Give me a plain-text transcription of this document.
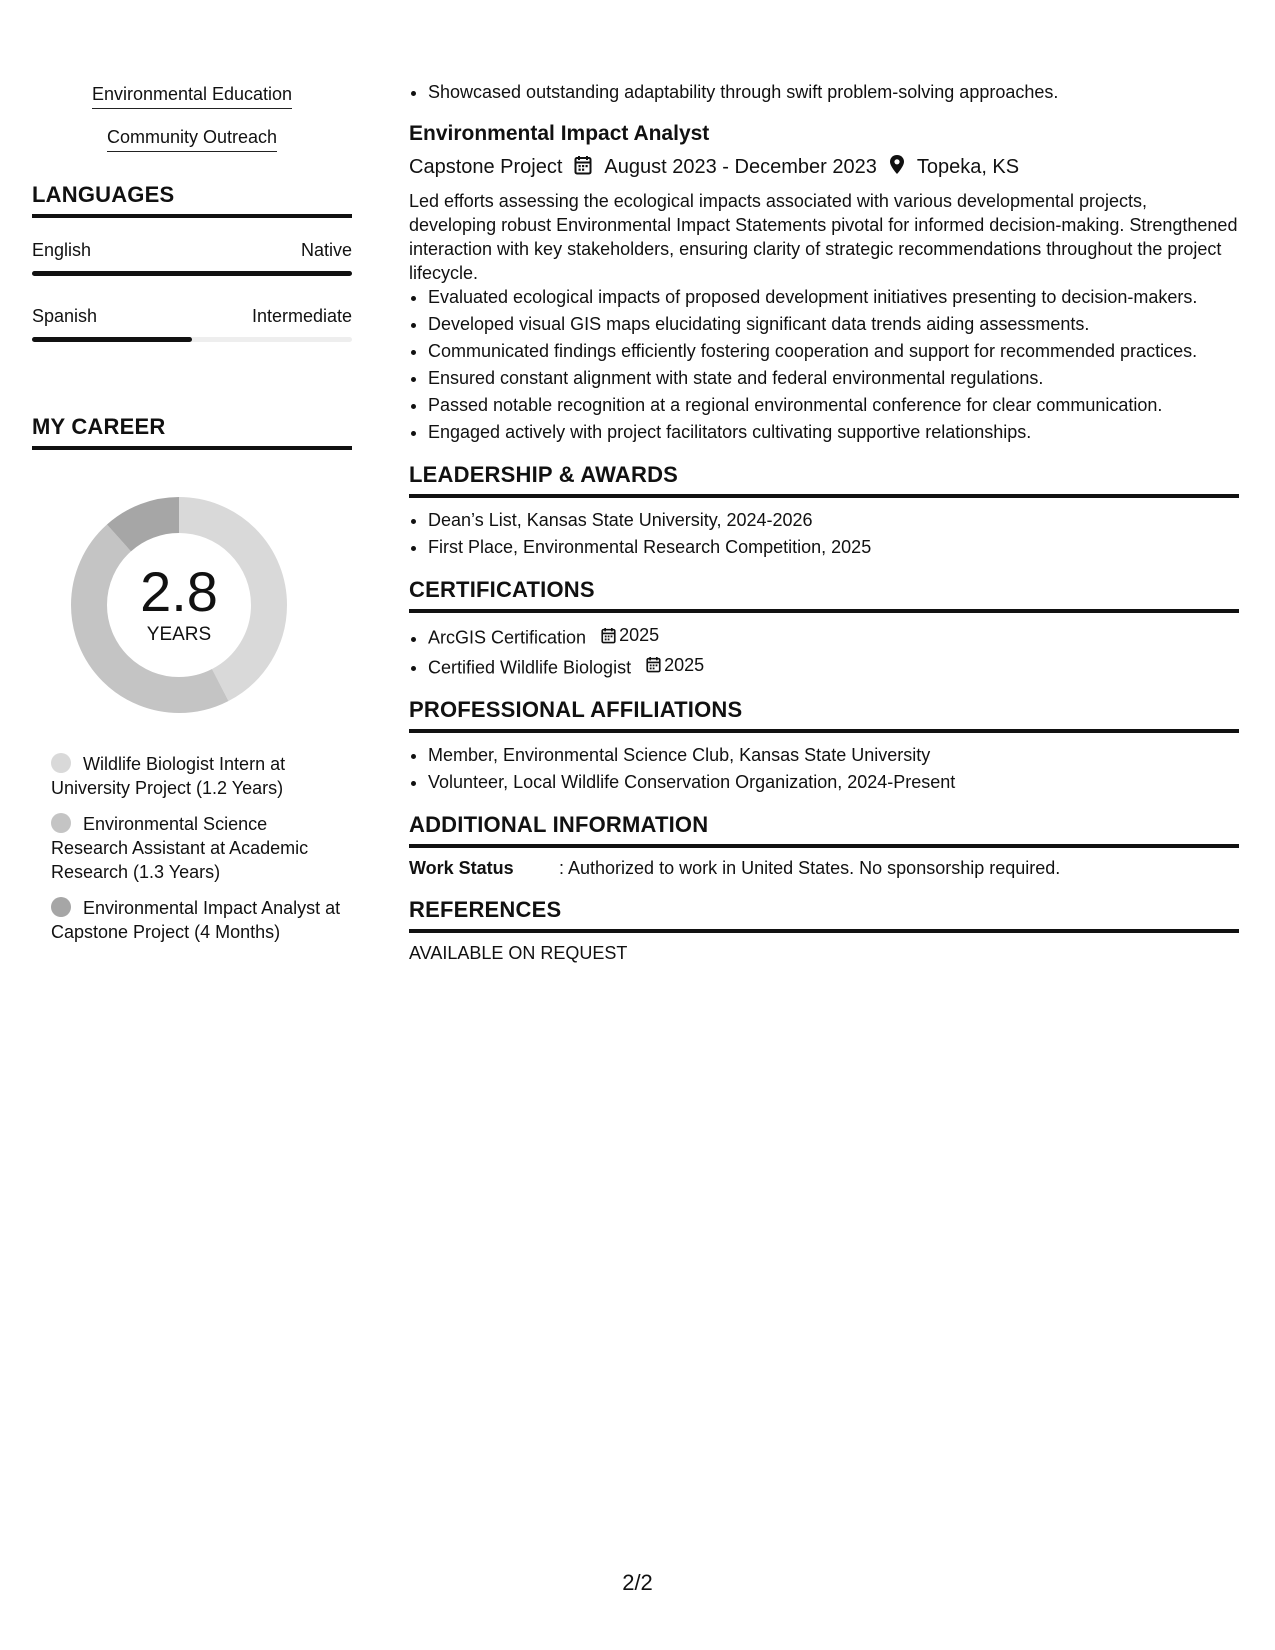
Environmental Education
Community Outreach
LANGUAGES
English	Native
Spanish	Intermediate
MY CAREER
2.8
YEARS
Wildlife Biologist Intern at University Project (1.2 Years)
Environmental Science Research Assistant at Academic Research (1.3 Years)
Environmental Impact Analyst at Capstone Project (4 Months)
• Showcased outstanding adaptability through swift problem-solving approaches.
Environmental Impact Analyst
Capstone Project August 2023 - December 2023 Topeka, KS
Led efforts assessing the ecological impacts associated with various developmental projects, developing robust Environmental Impact Statements pivotal for informed decision-making. Strengthened interaction with key stakeholders, ensuring clarity of strategic recommendations throughout the project lifecycle.
• Evaluated ecological impacts of proposed development initiatives presenting to decision-makers.
• Developed visual GIS maps elucidating significant data trends aiding assessments.
• Communicated findings efficiently fostering cooperation and support for recommended practices.
• Ensured constant alignment with state and federal environmental regulations.
• Passed notable recognition at a regional environmental conference for clear communication.
• Engaged actively with project facilitators cultivating supportive relationships.
LEADERSHIP & AWARDS
• Dean’s List, Kansas State University, 2024-2026
• First Place, Environmental Research Competition, 2025
CERTIFICATIONS
• ArcGIS Certification 2025
• Certified Wildlife Biologist 2025
PROFESSIONAL AFFILIATIONS
• Member, Environmental Science Club, Kansas State University
• Volunteer, Local Wildlife Conservation Organization, 2024-Present
ADDITIONAL INFORMATION
Work Status	: Authorized to work in United States. No sponsorship required.
REFERENCES
AVAILABLE ON REQUEST
2/2
